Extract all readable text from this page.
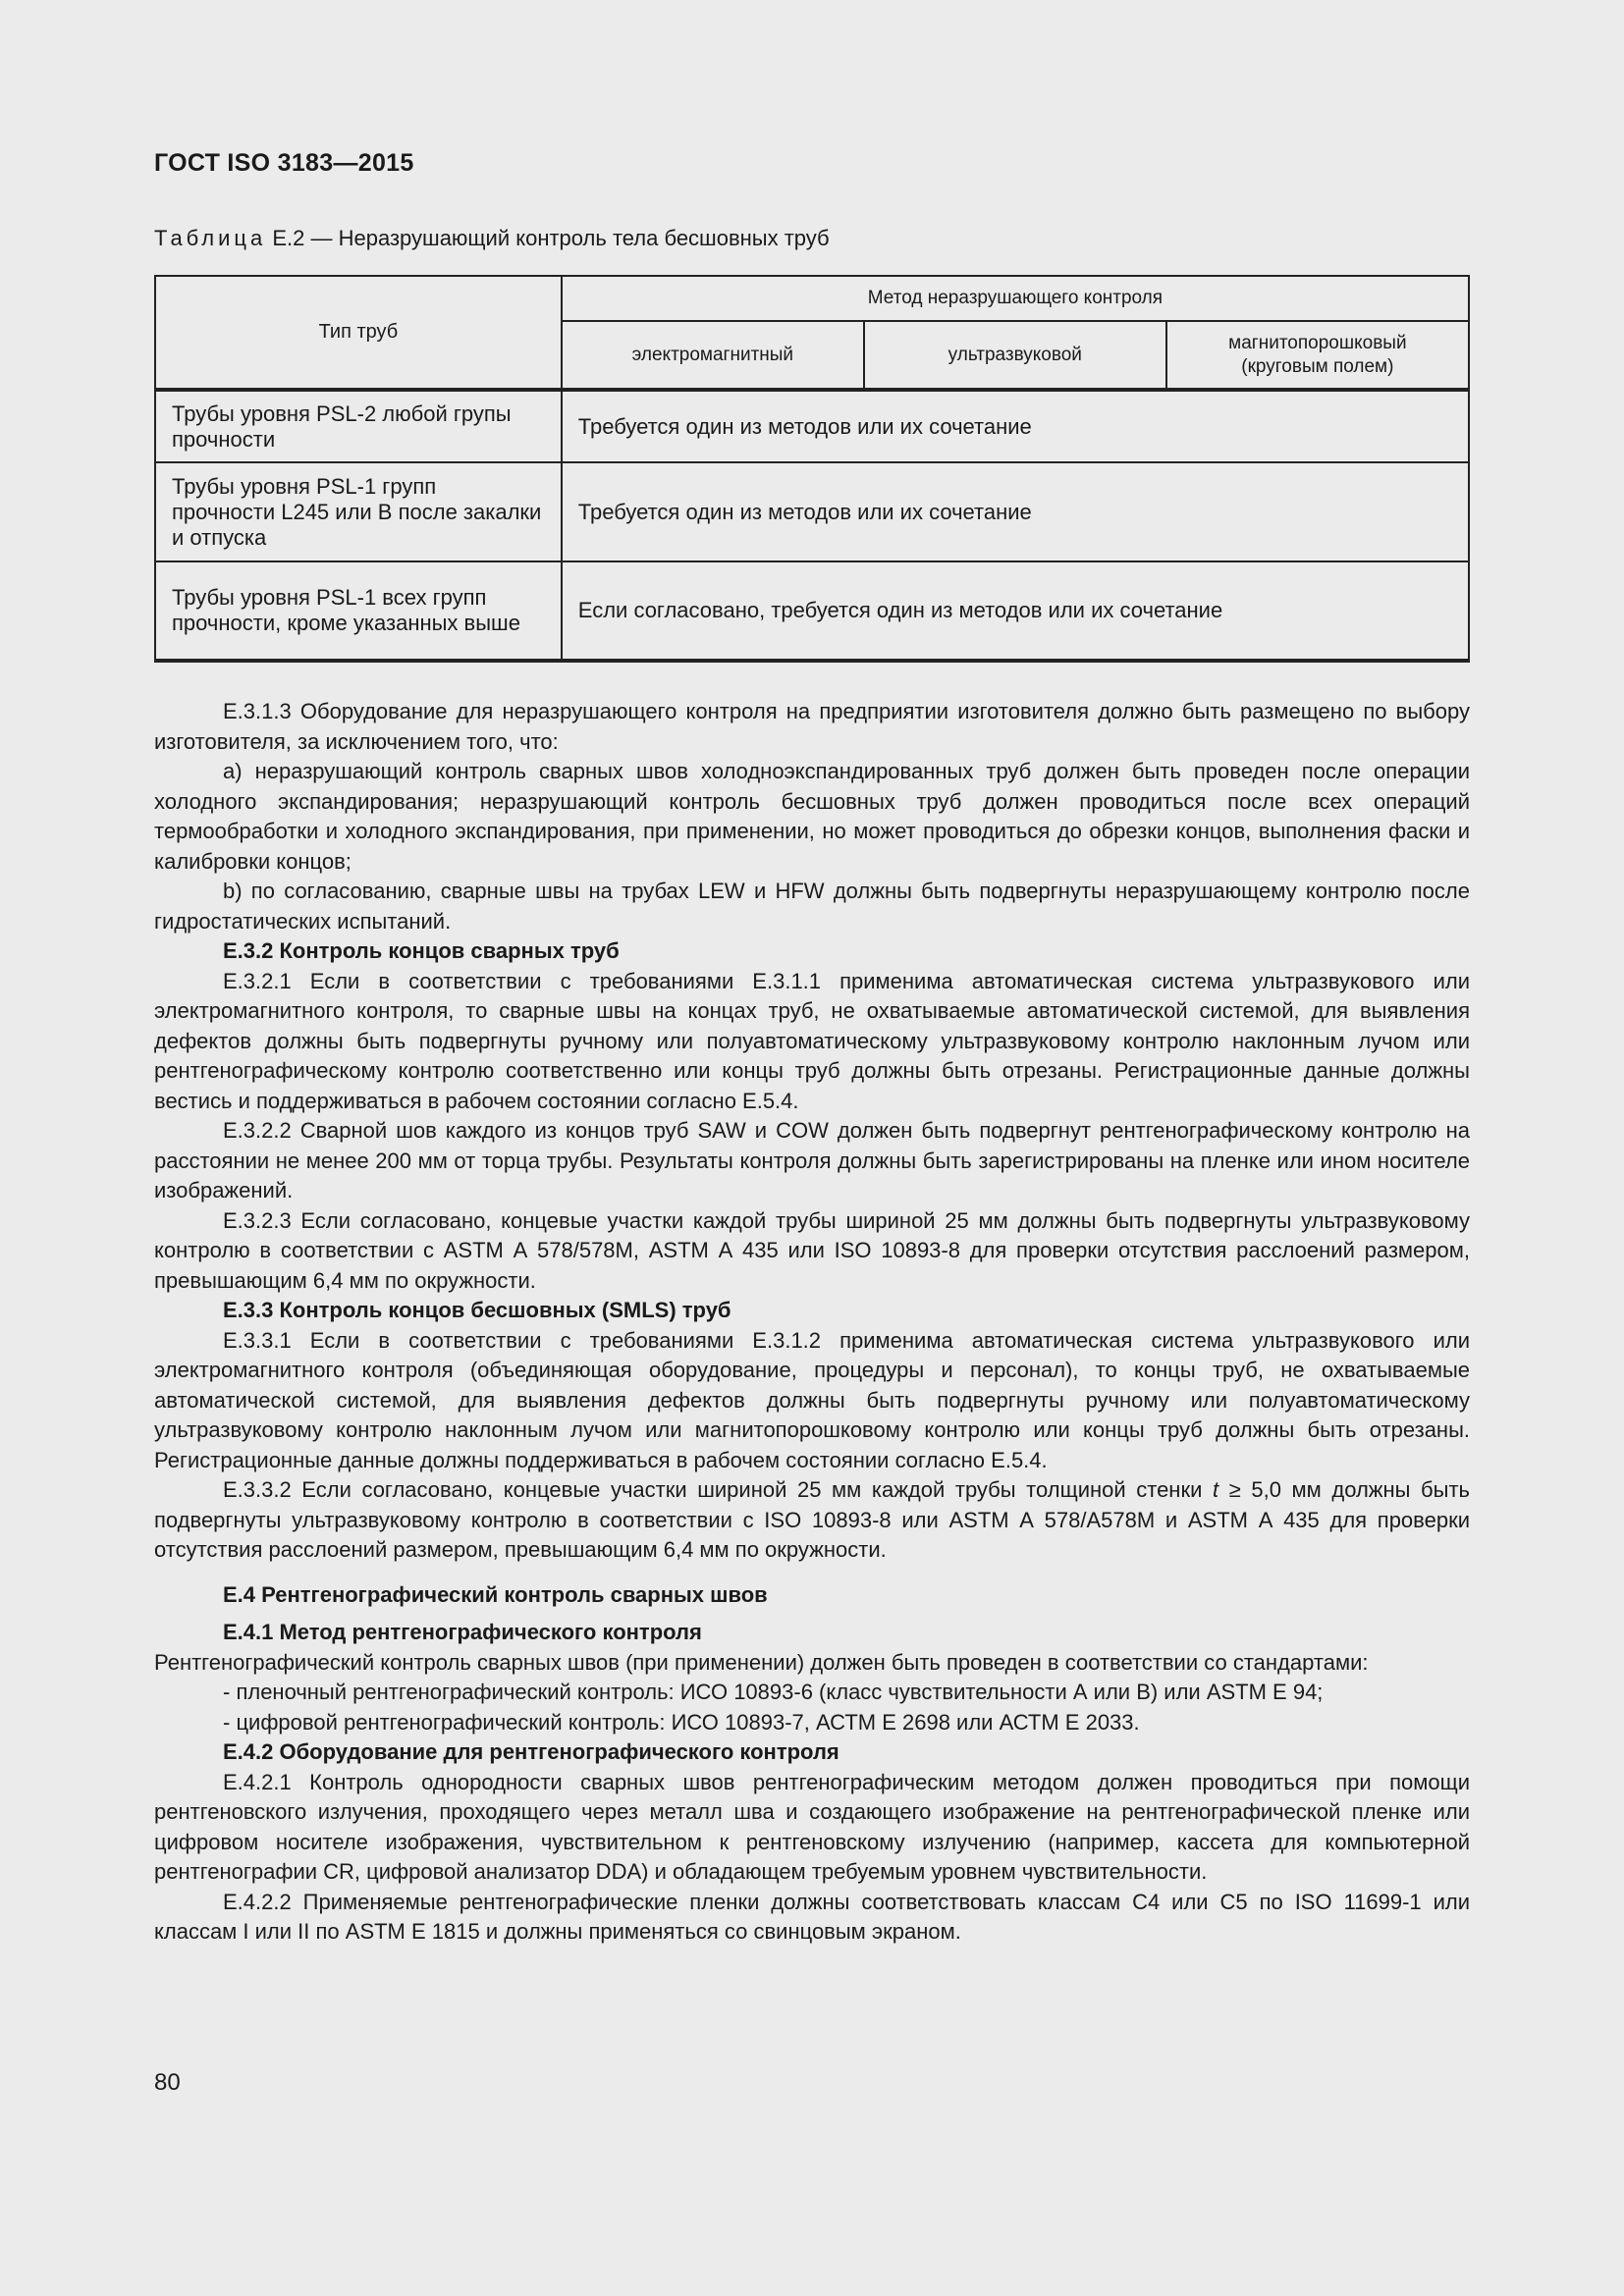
ГОСТ ISO 3183—2015
Таблица Е.2 — Неразрушающий контроль тела бесшовных труб
Тип труб	Метод неразрушающего контроля		
	электромагнитный	ультразвуковой	магнитопорошковый (круговым полем)
Трубы уровня PSL-2 любой групы прочности	Требуется один из методов или их сочетание		
Трубы уровня PSL-1 групп прочности L245 или В после закалки и отпуска	Требуется один из методов или их сочетание		
Трубы уровня PSL-1 всех групп прочности, кроме указанных выше	Если согласовано, требуется один из методов или их сочетание		

Е.3.1.3 Оборудование для неразрушающего контроля на предприятии изготовителя должно быть размещено по выбору изготовителя, за исключением того, что:

а) неразрушающий контроль сварных швов холодноэкспандированных труб должен быть проведен после операции холодного экспандирования; неразрушающий контроль бесшовных труб должен проводиться после всех операций термообработки и холодного экспандирования, при применении, но может проводиться до обрезки концов, выполнения фаски и калибровки концов;

b) по согласованию, сварные швы на трубах LEW и HFW должны быть подвергнуты неразрушающему контролю после гидростатических испытаний.

Е.3.2 Контроль концов сварных труб

Е.3.2.1 Если в соответствии с требованиями Е.3.1.1 применима автоматическая система ультразвукового или электромагнитного контроля, то сварные швы на концах труб, не охватываемые автоматической системой, для выявления дефектов должны быть подвергнуты ручному или полуавтоматическому ультразвуковому контролю наклонным лучом или рентгенографическому контролю соответственно или концы труб должны быть отрезаны. Регистрационные данные должны вестись и поддерживаться в рабочем состоянии согласно Е.5.4.

Е.3.2.2 Сварной шов каждого из концов труб SAW и COW должен быть подвергнут рентгенографическому контролю на расстоянии не менее 200 мм от торца трубы. Результаты контроля должны быть зарегистрированы на пленке или ином носителе изображений.

Е.3.2.3 Если согласовано, концевые участки каждой трубы шириной 25 мм должны быть подвергнуты ультразвуковому контролю в соответствии с ASTM А 578/578М, ASTM А 435 или ISO 10893-8 для проверки отсутствия расслоений размером, превышающим 6,4 мм по окружности.

Е.3.3 Контроль концов бесшовных (SMLS) труб

Е.3.3.1 Если в соответствии с требованиями Е.3.1.2 применима автоматическая система ультразвукового или электромагнитного контроля (объединяющая оборудование, процедуры и персонал), то концы труб, не охватываемые автоматической системой, для выявления дефектов должны быть подвергнуты ручному или полуавтоматическому ультразвуковому контролю наклонным лучом или магнитопорошковому контролю или концы труб должны быть отрезаны. Регистрационные данные должны поддерживаться в рабочем состоянии согласно Е.5.4.

Е.3.3.2 Если согласовано, концевые участки шириной 25 мм каждой трубы толщиной стенки t ≥ 5,0 мм должны быть подвергнуты ультразвуковому контролю в соответствии с ISO 10893-8 или ASTM А 578/А578М и ASTM А 435 для проверки отсутствия расслоений размером, превышающим 6,4 мм по окружности.

Е.4 Рентгенографический контроль сварных швов

Е.4.1 Метод рентгенографического контроля

Рентгенографический контроль сварных швов (при применении) должен быть проведен в соответствии со стандартами:

- пленочный рентгенографический контроль: ИСО 10893-6 (класс чувствительности А или В) или ASTM E 94;

- цифровой рентгенографический контроль: ИСО 10893-7, АСТМ Е 2698 или АСТМ Е 2033.

Е.4.2 Оборудование для рентгенографического контроля

Е.4.2.1 Контроль однородности сварных швов рентгенографическим методом должен проводиться при помощи рентгеновского излучения, проходящего через металл шва и создающего изображение на рентгенографической пленке или цифровом носителе изображения, чувствительном к рентгеновскому излучению (например, кассета для компьютерной рентгенографии CR, цифровой анализатор DDA) и обладающем требуемым уровнем чувствительности.

Е.4.2.2 Применяемые рентгенографические пленки должны соответствовать классам С4 или С5 по ISO 11699-1 или классам I или II по ASTM E 1815 и должны применяться со свинцовым экраном.

80
